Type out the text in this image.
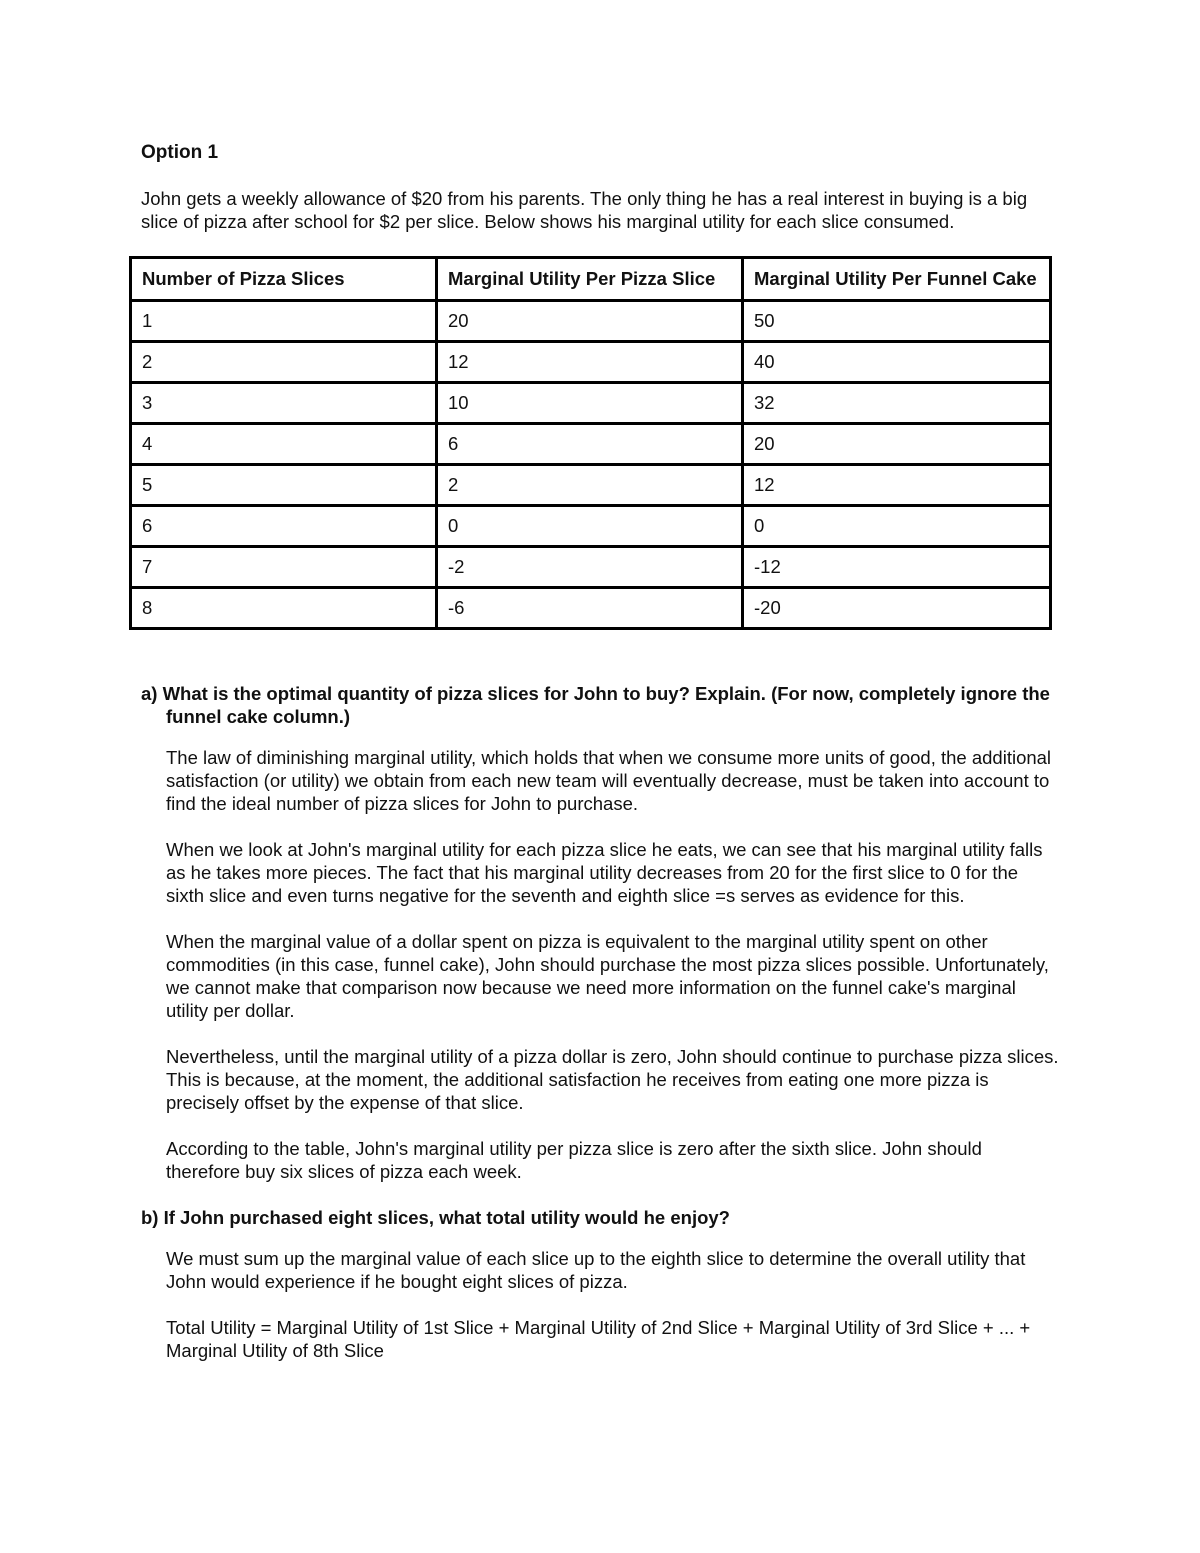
Option 1

John gets a weekly allowance of $20 from his parents. The only thing he has a real interest in buying is a big slice of pizza after school for $2 per slice. Below shows his marginal utility for each slice consumed.

Number of Pizza Slices	Marginal Utility Per Pizza Slice	Marginal Utility Per Funnel Cake
1	20	50
2	12	40
3	10	32
4	6	20
5	2	12
6	0	0
7	-2	-12
8	-6	-20

a) What is the optimal quantity of pizza slices for John to buy? Explain. (For now, completely ignore the funnel cake column.)

The law of diminishing marginal utility, which holds that when we consume more units of good, the additional satisfaction (or utility) we obtain from each new team will eventually decrease, must be taken into account to find the ideal number of pizza slices for John to purchase.

When we look at John's marginal utility for each pizza slice he eats, we can see that his marginal utility falls as he takes more pieces. The fact that his marginal utility decreases from 20 for the first slice to 0 for the sixth slice and even turns negative for the seventh and eighth slice =s serves as evidence for this.

When the marginal value of a dollar spent on pizza is equivalent to the marginal utility spent on other commodities (in this case, funnel cake), John should purchase the most pizza slices possible. Unfortunately, we cannot make that comparison now because we need more information on the funnel cake's marginal utility per dollar.

Nevertheless, until the marginal utility of a pizza dollar is zero, John should continue to purchase pizza slices. This is because, at the moment, the additional satisfaction he receives from eating one more pizza is precisely offset by the expense of that slice.

According to the table, John's marginal utility per pizza slice is zero after the sixth slice. John should therefore buy six slices of pizza each week.

b) If John purchased eight slices, what total utility would he enjoy?

We must sum up the marginal value of each slice up to the eighth slice to determine the overall utility that John would experience if he bought eight slices of pizza.

Total Utility = Marginal Utility of 1st Slice + Marginal Utility of 2nd Slice + Marginal Utility of 3rd Slice + ... + Marginal Utility of 8th Slice
